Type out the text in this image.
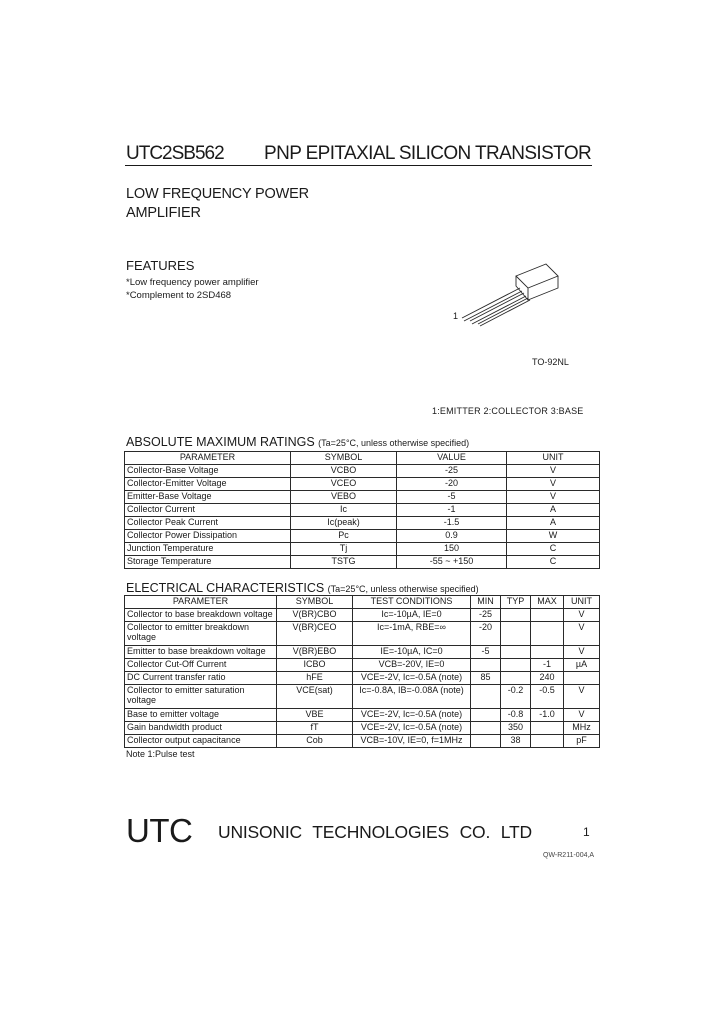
UTC2SB562 PNP EPITAXIAL SILICON TRANSISTOR
LOW FREQUENCY POWER
AMPLIFIER
FEATURES
*Low frequency power amplifier
*Complement to 2SD468
1
TO-92NL
1:EMITTER 2:COLLECTOR 3:BASE
ABSOLUTE MAXIMUM RATINGS (Ta=25°C, unless otherwise specified)
PARAMETER	SYMBOL	VALUE	UNIT
Collector-Base Voltage	VCBO	-25	V
Collector-Emitter Voltage	VCEO	-20	V
Emitter-Base Voltage	VEBO	-5	V
Collector Current	Ic	-1	A
Collector Peak Current	Ic(peak)	-1.5	A
Collector Power Dissipation	Pc	0.9	W
Junction Temperature	Tj	150	C
Storage Temperature	TSTG	-55 ~ +150	C
ELECTRICAL CHARACTERISTICS (Ta=25°C, unless otherwise specified)
PARAMETER	SYMBOL	TEST CONDITIONS	MIN	TYP	MAX	UNIT
Collector to base breakdown voltage	V(BR)CBO	Ic=-10µA, IE=0	-25			V
Collector to emitter breakdown voltage	V(BR)CEO	Ic=-1mA, RBE=∞	-20			V
Emitter to base breakdown voltage	V(BR)EBO	IE=-10µA, IC=0	-5			V
Collector Cut-Off Current	ICBO	VCB=-20V, IE=0			-1	µA
DC Current transfer ratio	hFE	VCE=-2V, Ic=-0.5A (note)	85		240	
Collector to emitter saturation voltage	VCE(sat)	Ic=-0.8A, IB=-0.08A (note)		-0.2	-0.5	V
Base to emitter voltage	VBE	VCE=-2V, Ic=-0.5A (note)		-0.8	-1.0	V
Gain bandwidth product	fT	VCE=-2V, Ic=-0.5A (note)		350		MHz
Collector output capacitance	Cob	VCB=-10V, IE=0, f=1MHz		38		pF
Note 1:Pulse test
UTC UNISONIC TECHNOLOGIES CO. LTD	1
QW-R211-004,A
